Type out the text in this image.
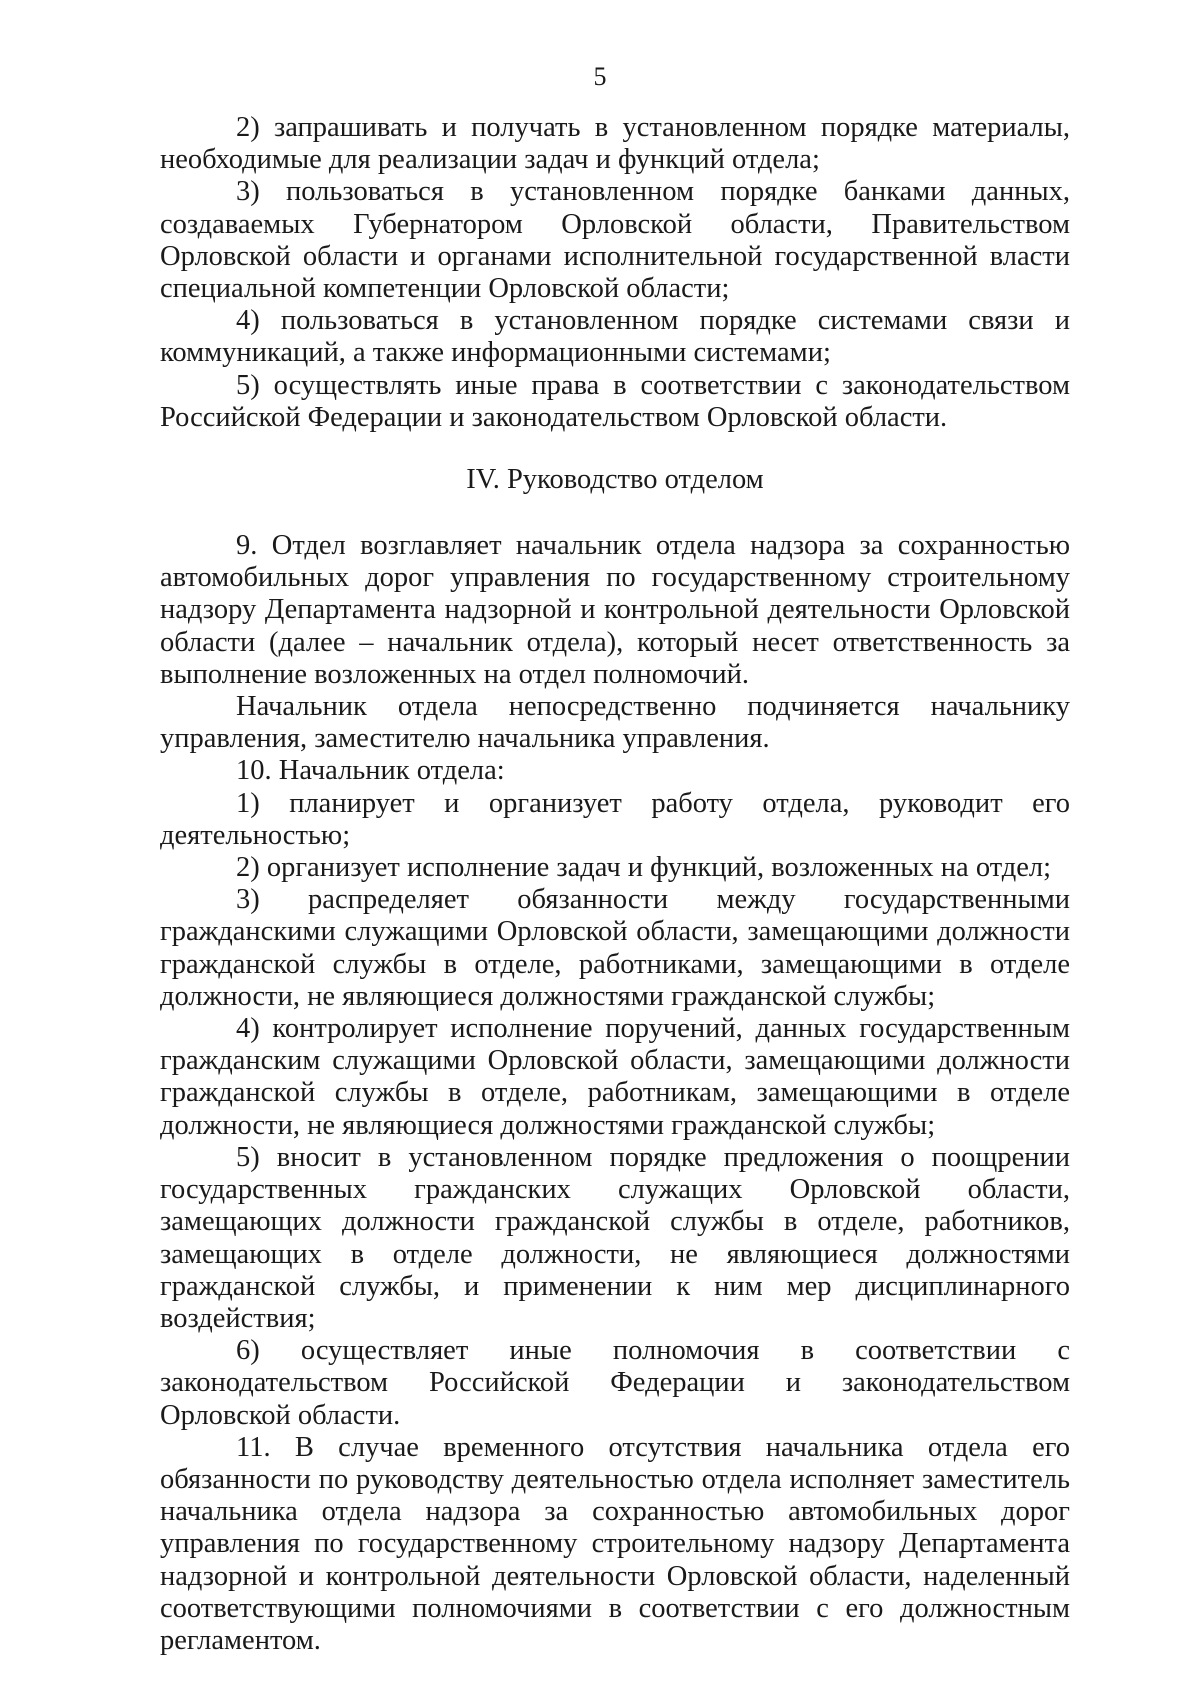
5

2) запрашивать и получать в установленном порядке материалы, необходимые для реализации задач и функций отдела;

3) пользоваться в установленном порядке банками данных, создаваемых Губернатором Орловской области, Правительством Орловской области и органами исполнительной государственной власти специальной компетенции Орловской области;

4) пользоваться в установленном порядке системами связи и коммуникаций, а также информационными системами;

5) осуществлять иные права в соответствии с законодательством Российской Федерации и законодательством Орловской области.

IV. Руководство отделом

9. Отдел возглавляет начальник отдела надзора за сохранностью автомобильных дорог управления по государственному строительному надзору Департамента надзорной и контрольной деятельности Орловской области (далее – начальник отдела), который несет ответственность за выполнение возложенных на отдел полномочий.

Начальник отдела непосредственно подчиняется начальнику управления, заместителю начальника управления.

10. Начальник отдела:

1) планирует и организует работу отдела, руководит его деятельностью;

2) организует исполнение задач и функций, возложенных на отдел;

3) распределяет обязанности между государственными гражданскими служащими Орловской области, замещающими должности гражданской службы в отделе, работниками, замещающими в отделе должности, не являющиеся должностями гражданской службы;

4) контролирует исполнение поручений, данных государственным гражданским служащими Орловской области, замещающими должности гражданской службы в отделе, работникам, замещающими в отделе должности, не являющиеся должностями гражданской службы;

5) вносит в установленном порядке предложения о поощрении государственных гражданских служащих Орловской области, замещающих должности гражданской службы в отделе, работников, замещающих в отделе должности, не являющиеся должностями гражданской службы, и применении к ним мер дисциплинарного воздействия;

6) осуществляет иные полномочия в соответствии с законодательством Российской Федерации и законодательством Орловской области.

11. В случае временного отсутствия начальника отдела его обязанности по руководству деятельностью отдела исполняет заместитель начальника отдела надзора за сохранностью автомобильных дорог управления по государственному строительному надзору Департамента надзорной и контрольной деятельности Орловской области, наделенный соответствующими полномочиями в соответствии с его должностным регламентом.
